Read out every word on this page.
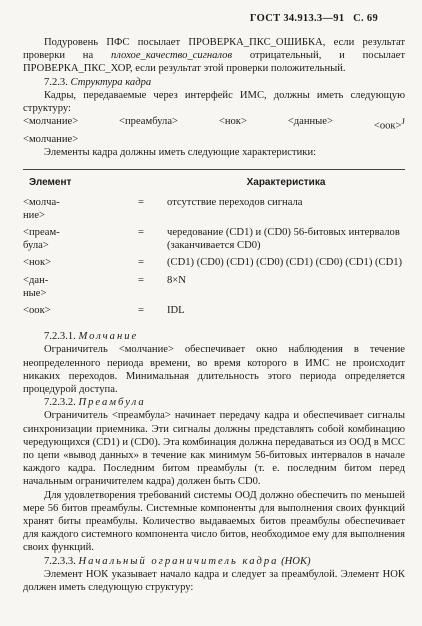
ГОСТ 34.913.3—91 С. 69

Подуровень ПФС посылает ПРОВЕРКА_ПКС_ОШИБКА, если результат проверки на плохое_качество_сигналов отрицательный, и посылает ПРОВЕРКА_ПКС_ХОР, если результат этой проверки положительный.

7.2.3. Структура кадра

Кадры, передаваемые через интерфейс ИМС, должны иметь следующую структуру:

<молчание>	<преамбула>	<нок>	<данные>	<оок>$^J$

<молчание>

Элементы кадра должны иметь следующие характеристики:

Элемент	Характеристика
<молча-
ние>
=	отсутствие переходов сигнала
<преам-
була>
=	чередование (CD1) и (CD0) 56-битовых интервалов (заканчивается CD0)
<нок>	=	(CD1) (CD0) (CD1) (CD0) (CD1) (CD0) (CD1) (CD1)
<дан-
ные>
=	8×N
<оок>	=	IDL

7.2.3.1. Молчание

Ограничитель <молчание> обеспечивает окно наблюдения в течение неопределенного периода времени, во время которого в ИМС не происходит никаких переходов. Минимальная длительность этого периода определяется процедурой доступа.

7.2.3.2. Преамбула

Ограничитель <преамбула> начинает передачу кадра и обеспечивает сигналы синхронизации приемника. Эти сигналы должны представлять собой комбинацию чередующихся (CD1) и (CD0). Эта комбинация должна передаваться из ООД в МСС по цепи «вывод данных» в течение как минимум 56-битовых интервалов в начале каждого кадра. Последним битом преамбулы (т. е. последним битом перед начальным ограничителем кадра) должен быть CD0.

Для удовлетворения требований системы ООД должно обеспечить по меньшей мере 56 битов преамбулы. Системные компоненты для выполнения своих функций хранят биты преамбулы. Количество выдаваемых битов преамбулы обеспечивает для каждого системного компонента число битов, необходимое ему для выполнения своих функций.

7.2.3.3. Начальный ограничитель кадра (НОК)

Элемент НОК указывает начало кадра и следует за преамбулой. Элемент НОК должен иметь следующую структуру:
